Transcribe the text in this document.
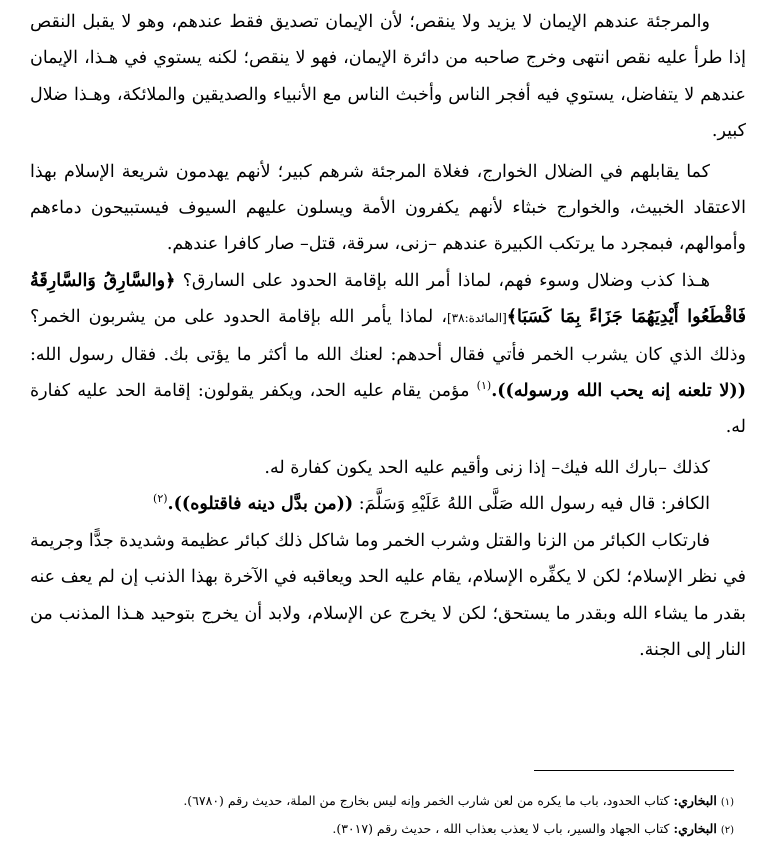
والمرجئة عندهم الإيمان لا يزيد ولا ينقص؛ لأن الإيمان تصديق فقط عندهم، وهو لا يقبل النقص إذا طرأ عليه نقص انتهى وخرج صاحبه من دائرة الإيمان، فهو لا ينقص؛ لكنه يستوي في هـذا، الإيمان عندهم لا يتفاضل، يستوي فيه أفجر الناس وأخبث الناس مع الأنبياء والصديقين والملائكة، وهـذا ضلال كبير.

كما يقابلهم في الضلال الخوارج، فغلاة المرجئة شرهم كبير؛ لأنهم يهدمون شريعة الإسلام بهذا الاعتقاد الخبيث، والخوارج خبثاء لأنهم يكفرون الأمة ويسلون عليهم السيوف فيستبيحون دماءهم وأموالهم، فبمجرد ما يرتكب الكبيرة عندهم –زنى، سرقة، قتل– صار كافرا عندهم.

هـذا كذب وضلال وسوء فهم، لماذا أمر الله بإقامة الحدود على السارق؟ ﴿والسَّارِقُ وَالسَّارِقَةُ فَاقْطَعُوا أَيْدِيَهُمَا جَزَاءً بِمَا كَسَبَا﴾[المائدة:٣٨]، لماذا يأمر الله بإقامة الحدود على من يشربون الخمر؟ وذلك الذي كان يشرب الخمر فأتي فقال أحدهم: لعنك الله ما أكثر ما يؤتى بك. فقال رسول الله: ((لا تلعنه إنه يحب الله ورسوله)).$^{(١)}$ مؤمن يقام عليه الحد، ويكفر يقولون: إقامة الحد عليه كفارة له.

كذلك –بارك الله فيك– إذا زنى وأقيم عليه الحد يكون كفارة له.

الكافر: قال فيه رسول الله صَلَّى اللهُ عَلَيْهِ وَسَلَّمَ: ((من بدَّل دينه فاقتلوه)).$^{(٢)}$

فارتكاب الكبائر من الزنا والقتل وشرب الخمر وما شاكل ذلك كبائر عظيمة وشديدة جدًّا وجريمة في نظر الإسلام؛ لكن لا يكفِّره الإسلام، يقام عليه الحد ويعاقبه في الآخرة بهذا الذنب إن لم يعف عنه بقدر ما يشاء الله وبقدر ما يستحق؛ لكن لا يخرج عن الإسلام، ولابد أن يخرج بتوحيد هـذا المذنب من النار إلى الجنة.

(١) البخاري: كتاب الحدود، باب ما يكره من لعن شارب الخمر وإنه ليس بخارج من الملة، حديث رقم (٦٧٨٠).

(٢) البخاري: كتاب الجهاد والسير، باب لا يعذب بعذاب الله ، حديث رقم (٣٠١٧).
